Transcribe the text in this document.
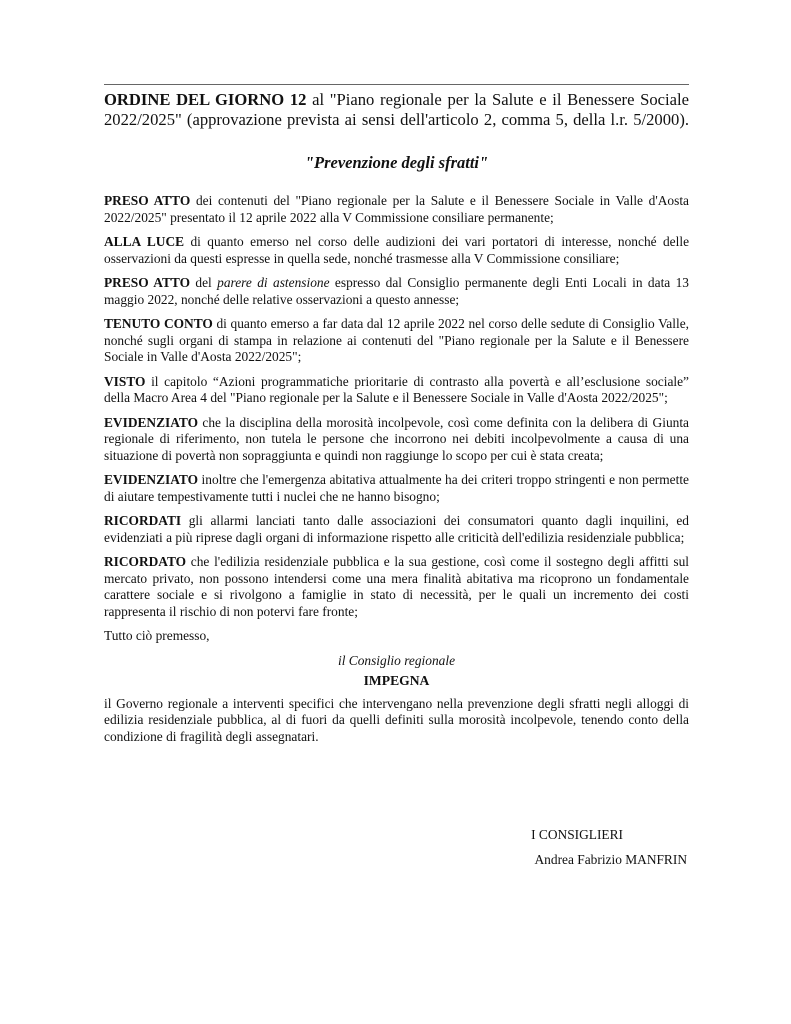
ORDINE DEL GIORNO 12 al "Piano regionale per la Salute e il Benessere Sociale

2022/2025" (approvazione prevista ai sensi dell'articolo 2, comma 5, della l.r. 5/2000).

"Prevenzione degli sfratti"

PRESO ATTO dei contenuti del "Piano regionale per la Salute e il Benessere Sociale in Valle d'Aosta 2022/2025" presentato il 12 aprile 2022 alla V Commissione consiliare permanente;

ALLA LUCE di quanto emerso nel corso delle audizioni dei vari portatori di interesse, nonché delle osservazioni da questi espresse in quella sede, nonché trasmesse alla V Commissione consiliare;

PRESO ATTO del parere di astensione espresso dal Consiglio permanente degli Enti Locali in data 13 maggio 2022, nonché delle relative osservazioni a questo annesse;

TENUTO CONTO di quanto emerso a far data dal 12 aprile 2022 nel corso delle sedute di Consiglio Valle, nonché sugli organi di stampa in relazione ai contenuti del "Piano regionale per la Salute e il Benessere Sociale in Valle d'Aosta 2022/2025";

VISTO il capitolo “Azioni programmatiche prioritarie di contrasto alla povertà e all’esclusione sociale” della Macro Area 4 del "Piano regionale per la Salute e il Benessere Sociale in Valle d'Aosta 2022/2025";

EVIDENZIATO che la disciplina della morosità incolpevole, così come definita con la delibera di Giunta regionale di riferimento, non tutela le persone che incorrono nei debiti incolpevolmente a causa di una situazione di povertà non sopraggiunta e quindi non raggiunge lo scopo per cui è stata creata;

EVIDENZIATO inoltre che l'emergenza abitativa attualmente ha dei criteri troppo stringenti e non permette di aiutare tempestivamente tutti i nuclei che ne hanno bisogno;

RICORDATI gli allarmi lanciati tanto dalle associazioni dei consumatori quanto dagli inquilini, ed evidenziati a più riprese dagli organi di informazione rispetto alle criticità dell'edilizia residenziale pubblica;

RICORDATO che l'edilizia residenziale pubblica e la sua gestione, così come il sostegno degli affitti sul mercato privato, non possono intendersi come una mera finalità abitativa ma ricoprono un fondamentale carattere sociale e si rivolgono a famiglie in stato di necessità, per le quali un incremento dei costi rappresenta il rischio di non potervi fare fronte;

Tutto ciò premesso,

il Consiglio regionale
IMPEGNA

il Governo regionale a interventi specifici che intervengano nella prevenzione degli sfratti negli alloggi di edilizia residenziale pubblica, al di fuori da quelli definiti sulla morosità incolpevole, tenendo conto della condizione di fragilità degli assegnatari.

I CONSIGLIERI
Andrea Fabrizio MANFRIN
